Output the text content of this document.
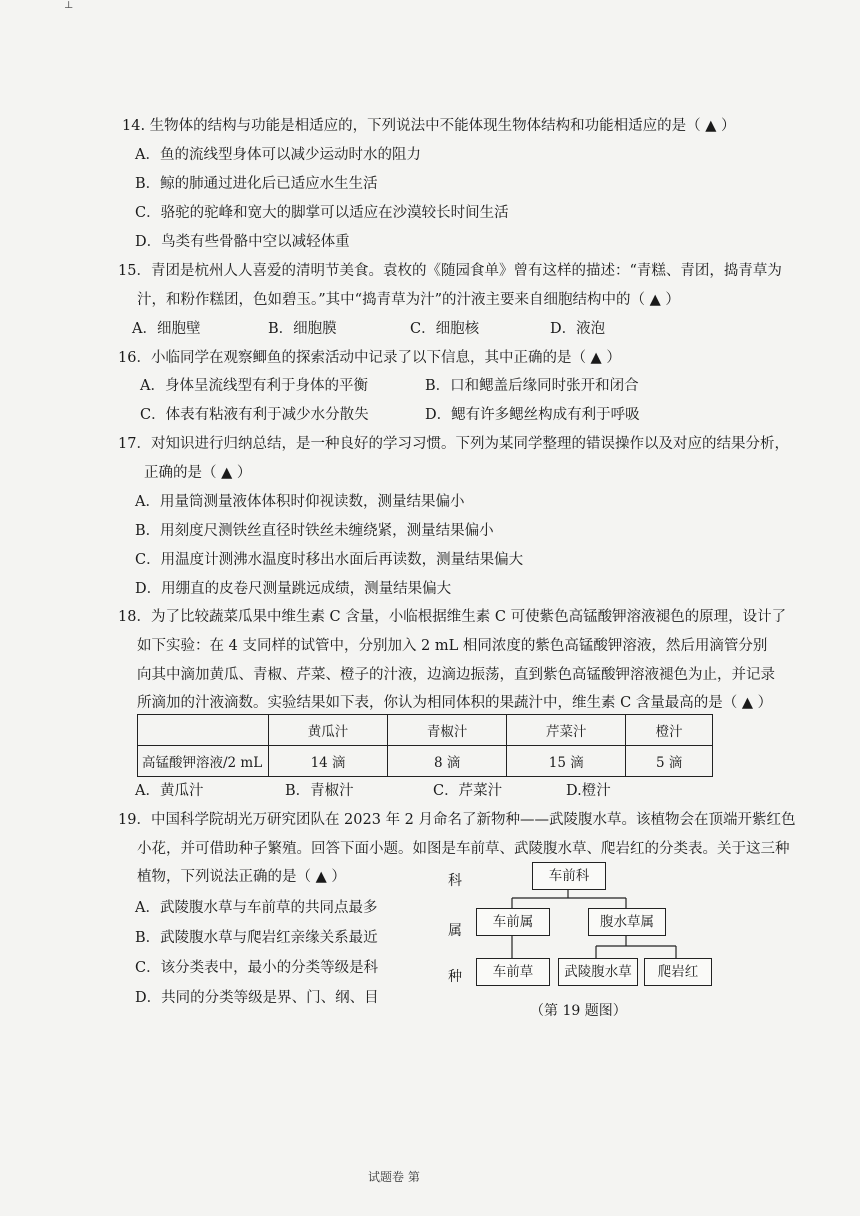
⊥
14. 生物体的结构与功能是相适应的，下列说法中不能体现生物体结构和功能相适应的是（ ▲ ）
A．鱼的流线型身体可以减少运动时水的阻力
B．鲸的肺通过进化后已适应水生生活
C．骆驼的驼峰和宽大的脚掌可以适应在沙漠较长时间生活
D．鸟类有些骨骼中空以减轻体重
15．青团是杭州人人喜爱的清明节美食。袁枚的《随园食单》曾有这样的描述：“青糕、青团，捣青草为
汁，和粉作糕团，色如碧玉。”其中“捣青草为汁”的汁液主要来自细胞结构中的（ ▲ ）
A．细胞壁	B．细胞膜	C．细胞核	D．液泡
16．小临同学在观察鲫鱼的探索活动中记录了以下信息，其中正确的是（ ▲ ）
A．身体呈流线型有利于身体的平衡	B．口和鳃盖后缘同时张开和闭合
C．体表有粘液有利于减少水分散失	D．鳃有许多鳃丝构成有利于呼吸
17．对知识进行归纳总结，是一种良好的学习习惯。下列为某同学整理的错误操作以及对应的结果分析，
正确的是（ ▲ ）
A．用量筒测量液体体积时仰视读数，测量结果偏小
B．用刻度尺测铁丝直径时铁丝未缠绕紧，测量结果偏小
C．用温度计测沸水温度时移出水面后再读数，测量结果偏大
D．用绷直的皮卷尺测量跳远成绩，测量结果偏大
18．为了比较蔬菜瓜果中维生素 C 含量，小临根据维生素 C 可使紫色高锰酸钾溶液褪色的原理，设计了
如下实验：在 4 支同样的试管中，分别加入 2 mL 相同浓度的紫色高锰酸钾溶液，然后用滴管分别
向其中滴加黄瓜、青椒、芹菜、橙子的汁液，边滴边振荡，直到紫色高锰酸钾溶液褪色为止，并记录
所滴加的汁液滴数。实验结果如下表，你认为相同体积的果蔬汁中，维生素 C 含量最高的是（ ▲ ）
	黄瓜汁	青椒汁	芹菜汁	橙汁
高锰酸钾溶液/2 mL	14 滴	8 滴	15 滴	5 滴
A．黄瓜汁	B．青椒汁	C．芹菜汁	D.橙汁
19．中国科学院胡光万研究团队在 2023 年 2 月命名了新物种——武陵腹水草。该植物会在顶端开紫红色
小花，并可借助种子繁殖。回答下面小题。如图是车前草、武陵腹水草、爬岩红的分类表。关于这三种
植物，下列说法正确的是（ ▲ ）
A．武陵腹水草与车前草的共同点最多
B．武陵腹水草与爬岩红亲缘关系最近
C．该分类表中，最小的分类等级是科
D．共同的分类等级是界、门、纲、目
科
属
种
车前科
车前属	腹水草属
车前草	武陵腹水草	爬岩红
（第 19 题图）
试题卷 第
